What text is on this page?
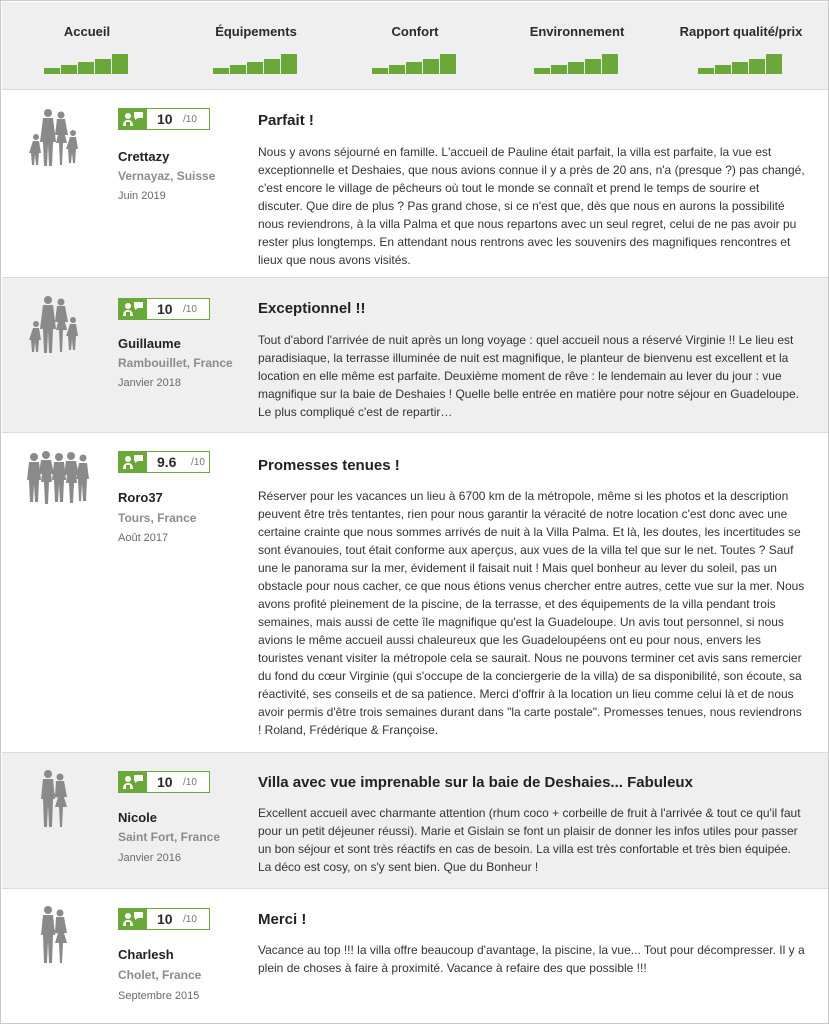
Accueil	Équipements	Confort	Environnement	Rapport qualité/prix
10 /10
Crettazy
Vernayaz, Suisse
Juin 2019
Parfait !
Nous y avons séjourné en famille. L'accueil de Pauline était parfait, la villa est parfaite, la vue est exceptionnelle et Deshaies, que nous avions connue il y a près de 20 ans, n'a (presque ?) pas changé, c'est encore le village de pêcheurs où tout le monde se connaît et prend le temps de sourire et discuter. Que dire de plus ? Pas grand chose, si ce n'est que, dès que nous en aurons la possibilité nous reviendrons, à la villa Palma et que nous repartons avec un seul regret, celui de ne pas avoir pu rester plus longtemps. En attendant nous rentrons avec les souvenirs des magnifiques rencontres et lieux que nous avons visités.
10 /10
Guillaume
Rambouillet, France
Janvier 2018
Exceptionnel !!
Tout d'abord l'arrivée de nuit après un long voyage : quel accueil nous a réservé Virginie !! Le lieu est paradisiaque, la terrasse illuminée de nuit est magnifique, le planteur de bienvenu est excellent et la location en elle même est parfaite. Deuxième moment de rêve : le lendemain au lever du jour : vue magnifique sur la baie de Deshaies ! Quelle belle entrée en matière pour notre séjour en Guadeloupe. Le plus compliqué c'est de repartir…
9.6 /10
Roro37
Tours, France
Août 2017
Promesses tenues !
Réserver pour les vacances un lieu à 6700 km de la métropole, même si les photos et la description peuvent être très tentantes, rien pour nous garantir la véracité de notre location c'est donc avec une certaine crainte que nous sommes arrivés de nuit à la Villa Palma. Et là, les doutes, les incertitudes se sont évanouies, tout était conforme aux aperçus, aux vues de la villa tel que sur le net. Toutes ? Sauf une le panorama sur la mer, évidement il faisait nuit ! Mais quel bonheur au lever du soleil, pas un obstacle pour nous cacher, ce que nous étions venus chercher entre autres, cette vue sur la mer. Nous avons profité pleinement de la piscine, de la terrasse, et des équipements de la villa pendant trois semaines, mais aussi de cette île magnifique qu'est la Guadeloupe. Un avis tout personnel, si nous avions le même accueil aussi chaleureux que les Guadeloupéens ont eu pour nous, envers les touristes venant visiter la métropole cela se saurait. Nous ne pouvons terminer cet avis sans remercier du fond du cœur Virginie (qui s'occupe de la conciergerie de la villa) de sa disponibilité, son écoute, sa réactivité, ses conseils et de sa patience. Merci d'offrir à la location un lieu comme celui là et de nous avoir permis d'être trois semaines durant dans "la carte postale". Promesses tenues, nous reviendrons ! Roland, Frédérique & Françoise.
10 /10
Nicole
Saint Fort, France
Janvier 2016
Villa avec vue imprenable sur la baie de Deshaies... Fabuleux
Excellent accueil avec charmante attention (rhum coco + corbeille de fruit à l'arrivée & tout ce qu'il faut pour un petit déjeuner réussi). Marie et Gislain se font un plaisir de donner les infos utiles pour passer un bon séjour et sont très réactifs en cas de besoin. La villa est très confortable et très bien équipée. La déco est cosy, on s'y sent bien. Que du Bonheur !
10 /10
Charlesh
Cholet, France
Septembre 2015
Merci !
Vacance au top !!! la villa offre beaucoup d'avantage, la piscine, la vue... Tout pour décompresser. Il y a plein de choses à faire à proximité. Vacance à refaire des que possible !!!
